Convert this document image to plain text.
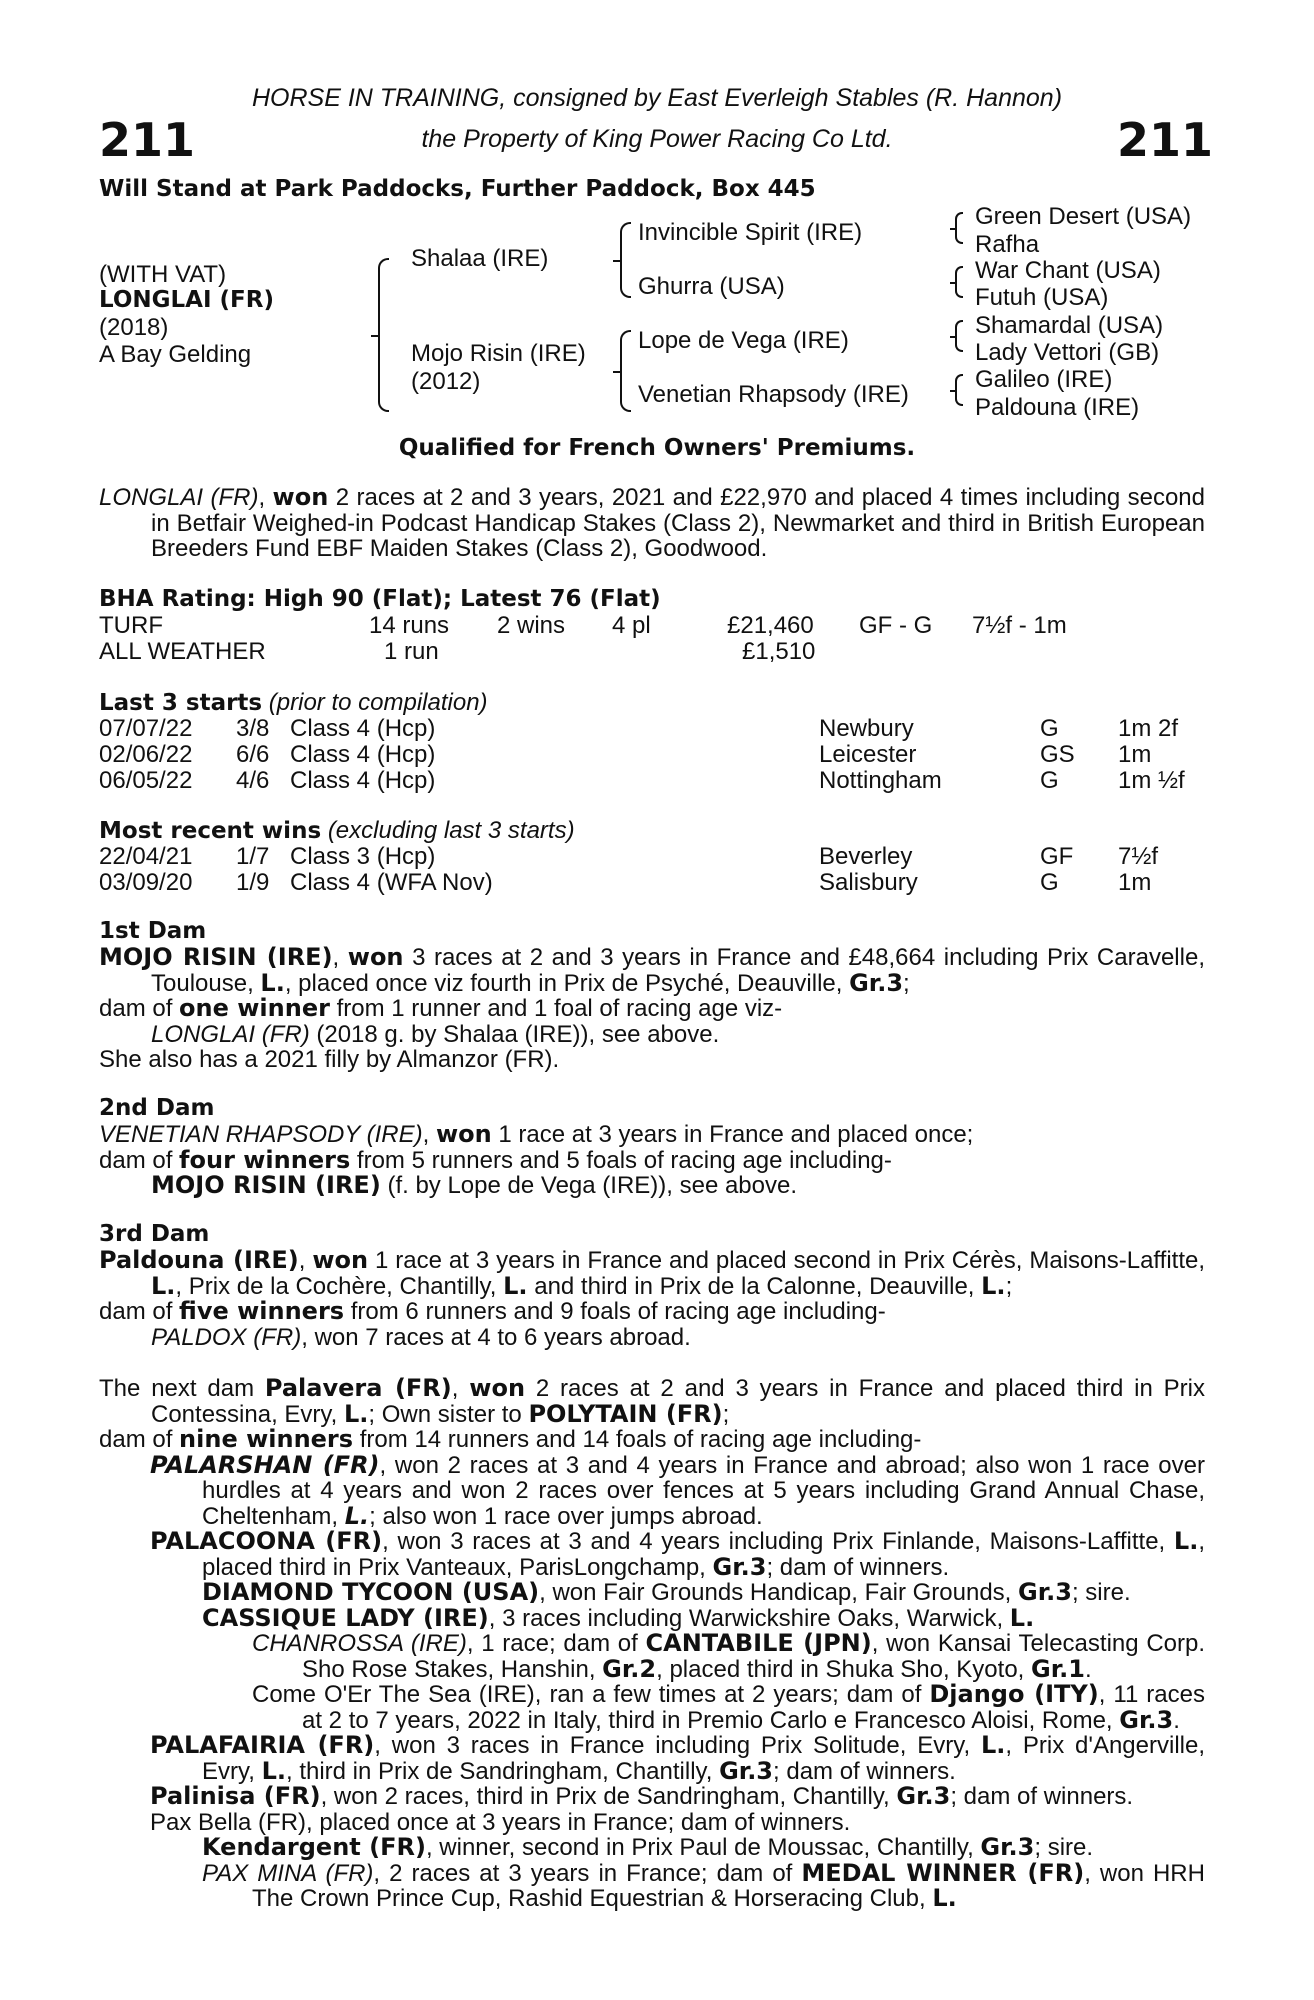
211	211
HORSE IN TRAINING, consigned by East Everleigh Stables (R. Hannon)
the Property of King Power Racing Co Ltd.
Will Stand at Park Paddocks, Further Paddock, Box 445
(WITH VAT)
LONGLAI (FR)
(2018)
A Bay Gelding
Shalaa (IRE)
Mojo Risin (IRE)
(2012)
Invincible Spirit (IRE)
Ghurra (USA)
Lope de Vega (IRE)
Venetian Rhapsody (IRE)
Green Desert (USA)
Rafha
War Chant (USA)
Futuh (USA)
Shamardal (USA)
Lady Vettori (GB)
Galileo (IRE)
Paldouna (IRE)
Qualified for French Owners' Premiums.

LONGLAI (FR), won 2 races at 2 and 3 years, 2021 and £22,970 and placed 4 times including second in Betfair Weighed-in Podcast Handicap Stakes (Class 2), Newmarket and third in British European Breeders Fund EBF Maiden Stakes (Class 2), Goodwood.

BHA Rating: High 90 (Flat); Latest 76 (Flat)
TURF	14 runs 2 wins 4 pl	£21,460 GF - G 7½f - 1m
ALL WEATHER	1 run	£1,510
Last 3 starts (prior to compilation)
07/07/22 3/8 Class 4 (Hcp)	Newbury	G 1m 2f
02/06/22 6/6 Class 4 (Hcp)	Leicester	GS 1m
06/05/22 4/6 Class 4 (Hcp)	Nottingham	G 1m ½f
Most recent wins (excluding last 3 starts)
22/04/21 1/7 Class 3 (Hcp)	Beverley	GF 7½f
03/09/20 1/9 Class 4 (WFA Nov)	Salisbury	G 1m
1st Dam

MOJO RISIN (IRE), won 3 races at 2 and 3 years in France and £48,664 including Prix Caravelle, Toulouse, L., placed once viz fourth in Prix de Psyché, Deauville, Gr.3;

dam of one winner from 1 runner and 1 foal of racing age viz-

LONGLAI (FR) (2018 g. by Shalaa (IRE)), see above.

She also has a 2021 filly by Almanzor (FR).

2nd Dam

VENETIAN RHAPSODY (IRE), won 1 race at 3 years in France and placed once;

dam of four winners from 5 runners and 5 foals of racing age including-

MOJO RISIN (IRE) (f. by Lope de Vega (IRE)), see above.

3rd Dam

Paldouna (IRE), won 1 race at 3 years in France and placed second in Prix Cérès, Maisons-Laffitte, L., Prix de la Cochère, Chantilly, L. and third in Prix de la Calonne, Deauville, L.;

dam of five winners from 6 runners and 9 foals of racing age including-

PALDOX (FR), won 7 races at 4 to 6 years abroad.

The next dam Palavera (FR), won 2 races at 2 and 3 years in France and placed third in Prix Contessina, Evry, L.; Own sister to POLYTAIN (FR);

dam of nine winners from 14 runners and 14 foals of racing age including-

PALARSHAN (FR), won 2 races at 3 and 4 years in France and abroad; also won 1 race over hurdles at 4 years and won 2 races over fences at 5 years including Grand Annual Chase, Cheltenham, L.; also won 1 race over jumps abroad.

PALACOONA (FR), won 3 races at 3 and 4 years including Prix Finlande, Maisons-Laffitte, L., placed third in Prix Vanteaux, ParisLongchamp, Gr.3; dam of winners.

DIAMOND TYCOON (USA), won Fair Grounds Handicap, Fair Grounds, Gr.3; sire.

CASSIQUE LADY (IRE), 3 races including Warwickshire Oaks, Warwick, L.

CHANROSSA (IRE), 1 race; dam of CANTABILE (JPN), won Kansai Telecasting Corp. Sho Rose Stakes, Hanshin, Gr.2, placed third in Shuka Sho, Kyoto, Gr.1.

Come O'Er The Sea (IRE), ran a few times at 2 years; dam of Django (ITY), 11 races at 2 to 7 years, 2022 in Italy, third in Premio Carlo e Francesco Aloisi, Rome, Gr.3.

PALAFAIRIA (FR), won 3 races in France including Prix Solitude, Evry, L., Prix d'Angerville, Evry, L., third in Prix de Sandringham, Chantilly, Gr.3; dam of winners.

Palinisa (FR), won 2 races, third in Prix de Sandringham, Chantilly, Gr.3; dam of winners.

Pax Bella (FR), placed once at 3 years in France; dam of winners.

Kendargent (FR), winner, second in Prix Paul de Moussac, Chantilly, Gr.3; sire.

PAX MINA (FR), 2 races at 3 years in France; dam of MEDAL WINNER (FR), won HRH The Crown Prince Cup, Rashid Equestrian & Horseracing Club, L.
